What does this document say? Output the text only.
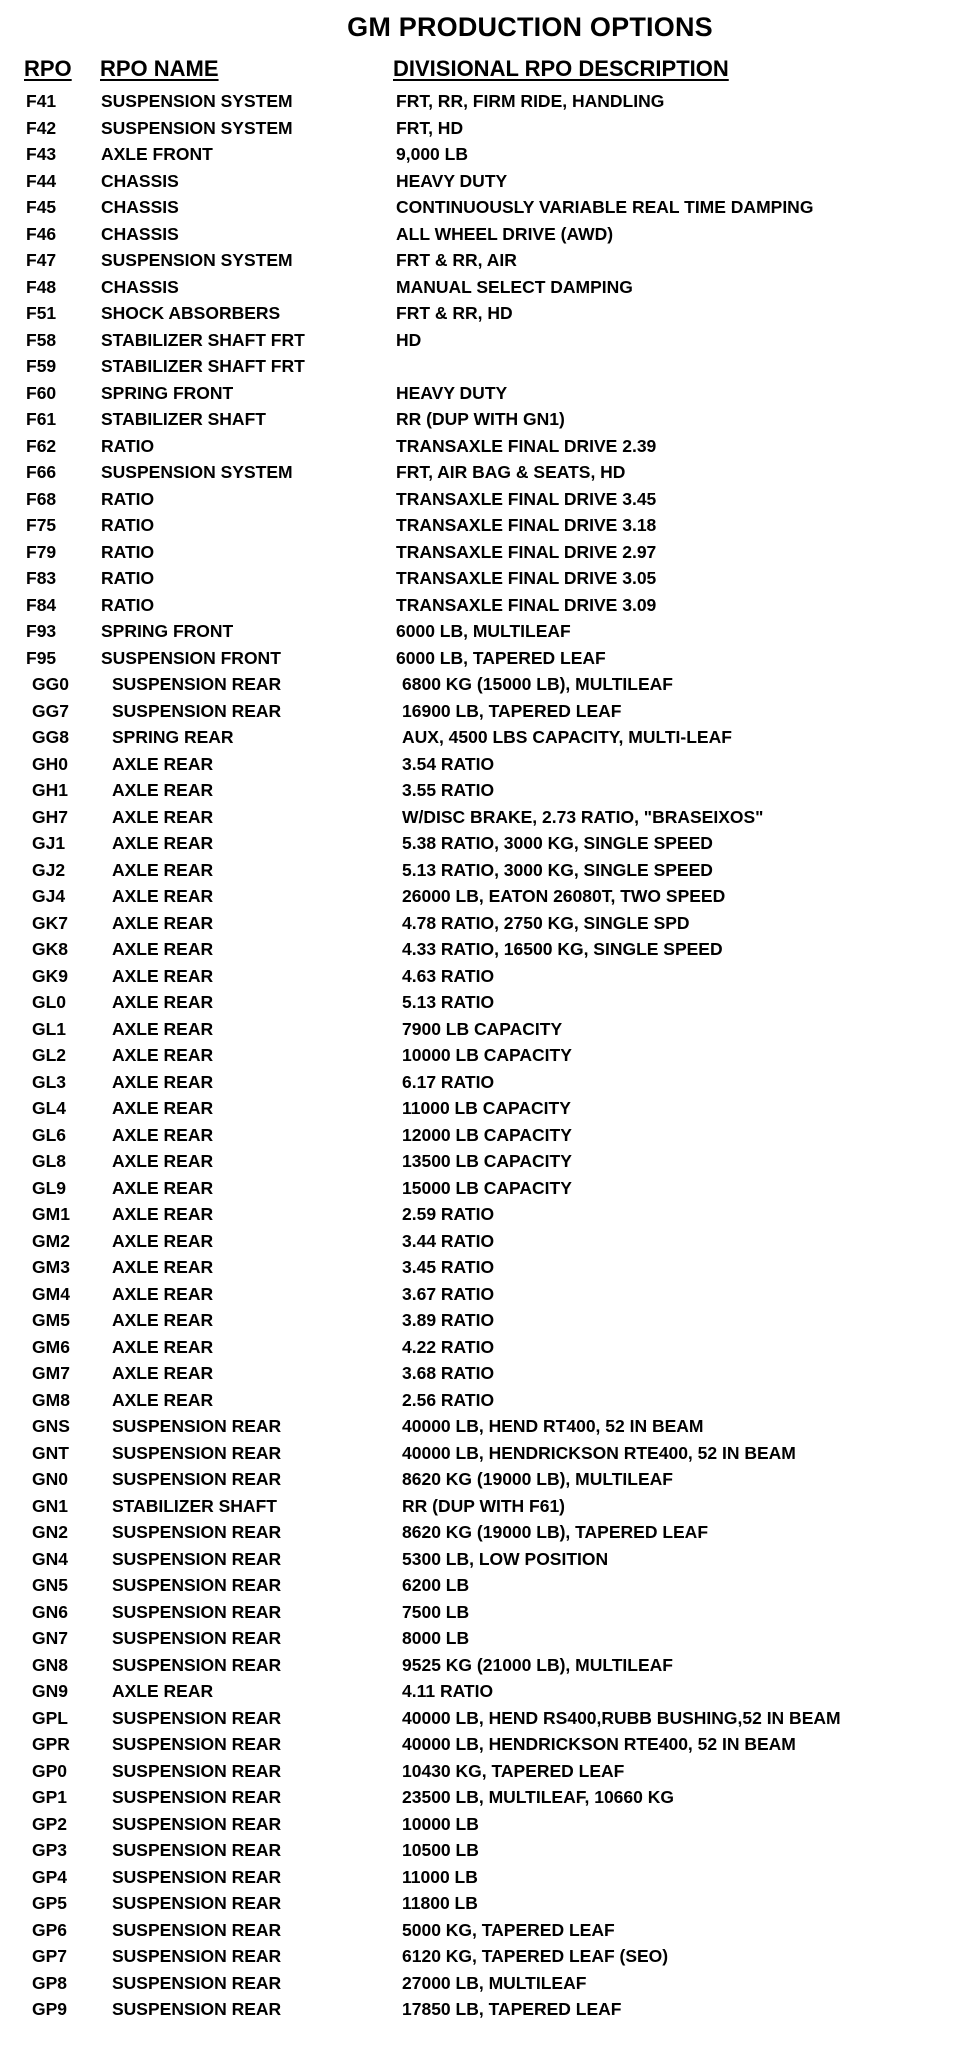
GM PRODUCTION OPTIONS
RPO RPO NAME	DIVISIONAL RPO DESCRIPTION
F41	SUSPENSION SYSTEM	FRT, RR, FIRM RIDE, HANDLING
F42	SUSPENSION SYSTEM	FRT, HD
F43	AXLE FRONT	9,000 LB
F44	CHASSIS	HEAVY DUTY
F45	CHASSIS	CONTINUOUSLY VARIABLE REAL TIME DAMPING
F46	CHASSIS	ALL WHEEL DRIVE (AWD)
F47	SUSPENSION SYSTEM	FRT & RR, AIR
F48	CHASSIS	MANUAL SELECT DAMPING
F51	SHOCK ABSORBERS	FRT & RR, HD
F58	STABILIZER SHAFT FRT	HD
F59	STABILIZER SHAFT FRT
F60	SPRING FRONT	HEAVY DUTY
F61	STABILIZER SHAFT	RR (DUP WITH GN1)
F62	RATIO	TRANSAXLE FINAL DRIVE 2.39
F66	SUSPENSION SYSTEM	FRT, AIR BAG & SEATS, HD
F68	RATIO	TRANSAXLE FINAL DRIVE 3.45
F75	RATIO	TRANSAXLE FINAL DRIVE 3.18
F79	RATIO	TRANSAXLE FINAL DRIVE 2.97
F83	RATIO	TRANSAXLE FINAL DRIVE 3.05
F84	RATIO	TRANSAXLE FINAL DRIVE 3.09
F93	SPRING FRONT	6000 LB, MULTILEAF
F95	SUSPENSION FRONT	6000 LB, TAPERED LEAF
GG0 SUSPENSION REAR	6800 KG (15000 LB), MULTILEAF
GG7 SUSPENSION REAR	16900 LB, TAPERED LEAF
GG8 SPRING REAR	AUX, 4500 LBS CAPACITY, MULTI-LEAF
GH0	AXLE REAR	3.54 RATIO
GH1	AXLE REAR	3.55 RATIO
GH7	AXLE REAR	W/DISC BRAKE, 2.73 RATIO, "BRASEIXOS"
GJ1	AXLE REAR	5.38 RATIO, 3000 KG, SINGLE SPEED
GJ2	AXLE REAR	5.13 RATIO, 3000 KG, SINGLE SPEED
GJ4	AXLE REAR	26000 LB, EATON 26080T, TWO SPEED
GK7	AXLE REAR	4.78 RATIO, 2750 KG, SINGLE SPD
GK8	AXLE REAR	4.33 RATIO, 16500 KG, SINGLE SPEED
GK9	AXLE REAR	4.63 RATIO
GL0	AXLE REAR	5.13 RATIO
GL1	AXLE REAR	7900 LB CAPACITY
GL2	AXLE REAR	10000 LB CAPACITY
GL3	AXLE REAR	6.17 RATIO
GL4	AXLE REAR	11000 LB CAPACITY
GL6	AXLE REAR	12000 LB CAPACITY
GL8	AXLE REAR	13500 LB CAPACITY
GL9	AXLE REAR	15000 LB CAPACITY
GM1 AXLE REAR	2.59 RATIO
GM2 AXLE REAR	3.44 RATIO
GM3 AXLE REAR	3.45 RATIO
GM4 AXLE REAR	3.67 RATIO
GM5 AXLE REAR	3.89 RATIO
GM6 AXLE REAR	4.22 RATIO
GM7 AXLE REAR	3.68 RATIO
GM8 AXLE REAR	2.56 RATIO
GNS SUSPENSION REAR	40000 LB, HEND RT400, 52 IN BEAM
GNT SUSPENSION REAR	40000 LB, HENDRICKSON RTE400, 52 IN BEAM
GN0	SUSPENSION REAR	8620 KG (19000 LB), MULTILEAF
GN1	STABILIZER SHAFT	RR (DUP WITH F61)
GN2	SUSPENSION REAR	8620 KG (19000 LB), TAPERED LEAF
GN4	SUSPENSION REAR	5300 LB, LOW POSITION
GN5	SUSPENSION REAR	6200 LB
GN6	SUSPENSION REAR	7500 LB
GN7	SUSPENSION REAR	8000 LB
GN8	SUSPENSION REAR	9525 KG (21000 LB), MULTILEAF
GN9	AXLE REAR	4.11 RATIO
GPL	SUSPENSION REAR	40000 LB, HEND RS400,RUBB BUSHING,52 IN BEAM
GPR SUSPENSION REAR	40000 LB, HENDRICKSON RTE400, 52 IN BEAM
GP0	SUSPENSION REAR	10430 KG, TAPERED LEAF
GP1	SUSPENSION REAR	23500 LB, MULTILEAF, 10660 KG
GP2	SUSPENSION REAR	10000 LB
GP3	SUSPENSION REAR	10500 LB
GP4	SUSPENSION REAR	11000 LB
GP5	SUSPENSION REAR	11800 LB
GP6	SUSPENSION REAR	5000 KG, TAPERED LEAF
GP7	SUSPENSION REAR	6120 KG, TAPERED LEAF (SEO)
GP8	SUSPENSION REAR	27000 LB, MULTILEAF
GP9	SUSPENSION REAR	17850 LB, TAPERED LEAF
